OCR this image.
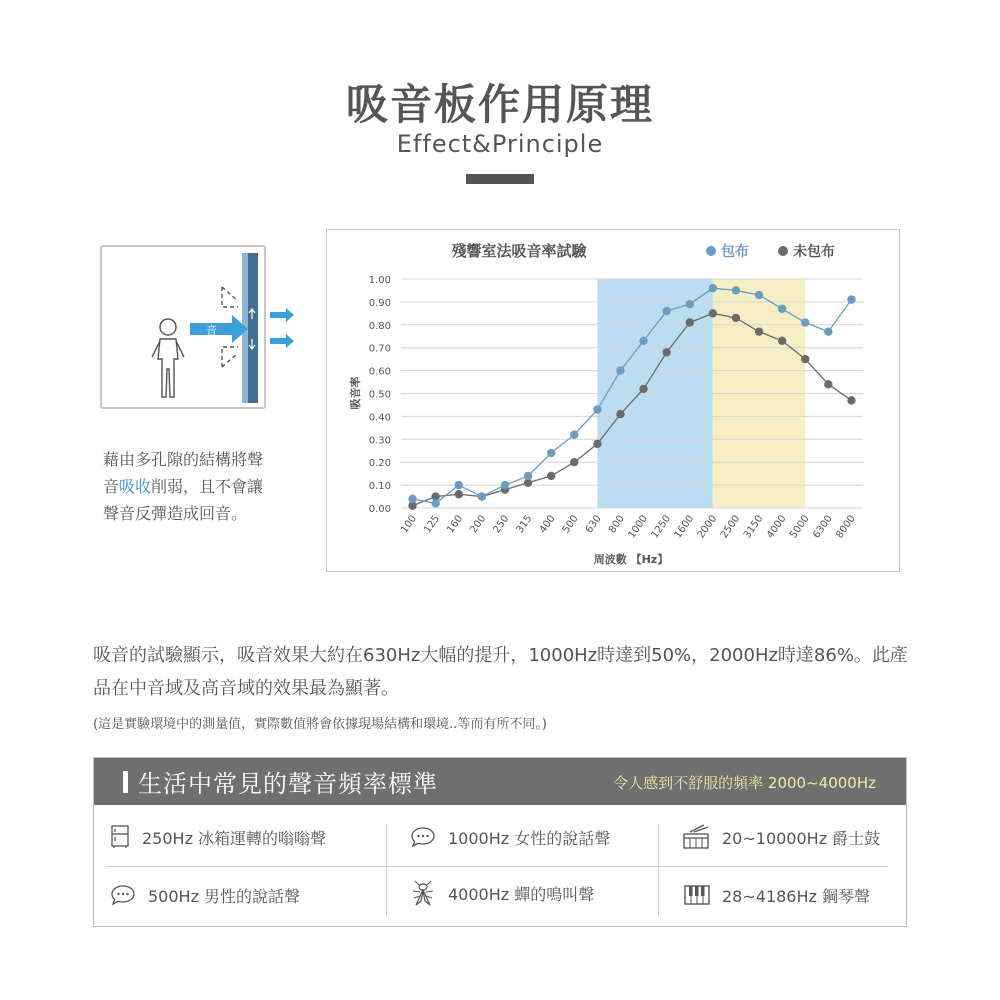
吸音板作用原理
Effect&Principle
音
藉由多孔隙的結構將聲音吸收削弱，且不會讓聲音反彈造成回音。	0.00
0.10
0.20
0.30
0.40
0.50
0.60
0.70
0.80
0.90
1.00
100 125 160 200 250 315 400 500 630 800 1000 1250 1600 2000 2500 3150 4000 5000 6300 8000
殘響室法吸音率試驗	包布	未包布
吸音率
周波數 【Hz】
吸音的試驗顯示，吸音效果大約在630Hz大幅的提升，1000Hz時達到50%，2000Hz時達86%。此產品在中音域及高音域的效果最為顯著。
(這是實驗環境中的測量值，實際數值將會依據現場結構和環境..等而有所不同。)
生活中常見的聲音頻率標準	令人感到不舒服的頻率 2000~4000Hz
250Hz 冰箱運轉的嗡嗡聲	1000Hz 女性的說話聲	20~10000Hz 爵士鼓
500Hz 男性的說話聲	4000Hz 蟬的鳴叫聲	28~4186Hz 鋼琴聲
